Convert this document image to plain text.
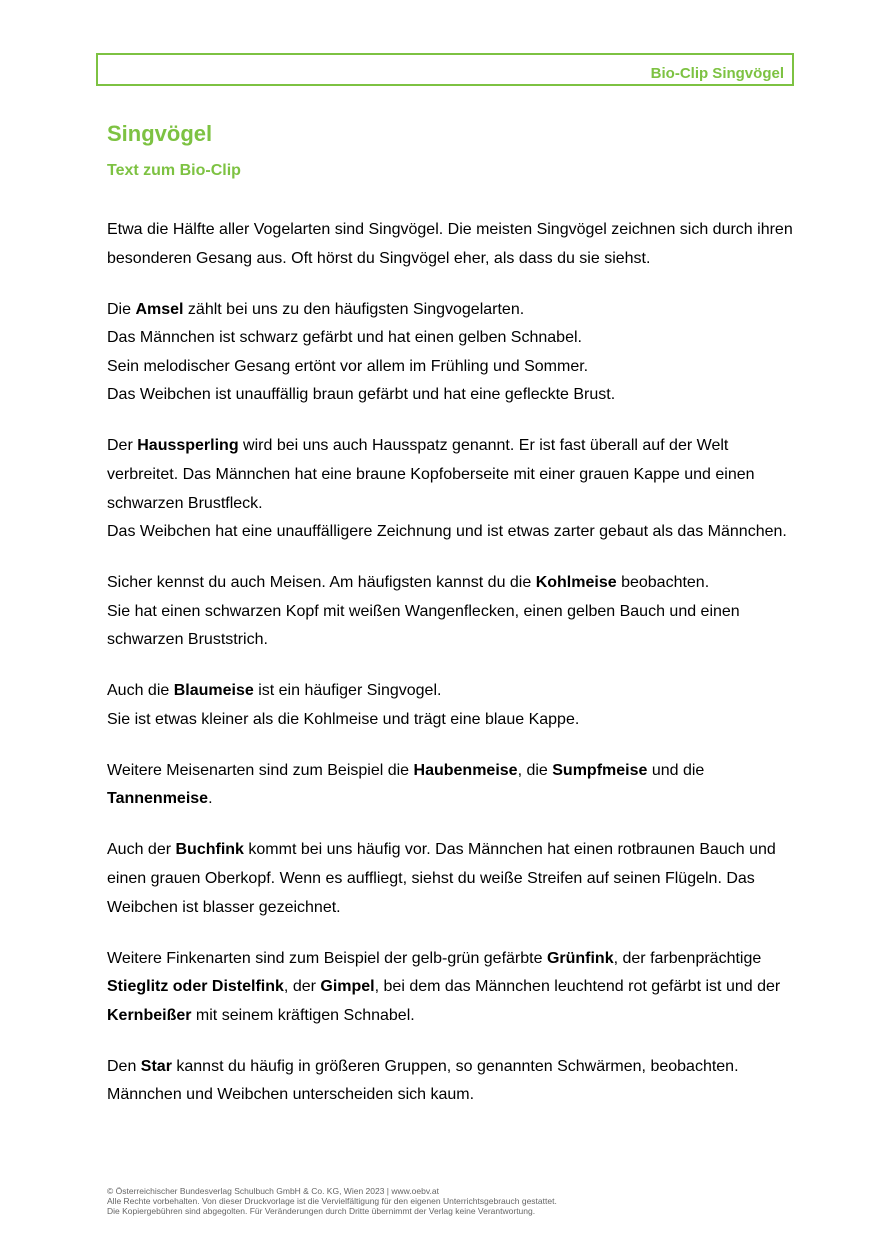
Bio-Clip Singvögel
Singvögel
Text zum Bio-Clip

Etwa die Hälfte aller Vogelarten sind Singvögel. Die meisten Singvögel zeichnen sich durch ihren besonderen Gesang aus. Oft hörst du Singvögel eher, als dass du sie siehst.

Die Amsel zählt bei uns zu den häufigsten Singvogelarten.
Das Männchen ist schwarz gefärbt und hat einen gelben Schnabel.
Sein melodischer Gesang ertönt vor allem im Frühling und Sommer.
Das Weibchen ist unauffällig braun gefärbt und hat eine gefleckte Brust.

Der Haussperling wird bei uns auch Hausspatz genannt. Er ist fast überall auf der Welt verbreitet. Das Männchen hat eine braune Kopfoberseite mit einer grauen Kappe und einen schwarzen Brustfleck.
Das Weibchen hat eine unauffälligere Zeichnung und ist etwas zarter gebaut als das Männchen.

Sicher kennst du auch Meisen. Am häufigsten kannst du die Kohlmeise beobachten.
Sie hat einen schwarzen Kopf mit weißen Wangenflecken, einen gelben Bauch und einen schwarzen Bruststrich.

Auch die Blaumeise ist ein häufiger Singvogel.
Sie ist etwas kleiner als die Kohlmeise und trägt eine blaue Kappe.

Weitere Meisenarten sind zum Beispiel die Haubenmeise, die Sumpfmeise und die Tannenmeise.

Auch der Buchfink kommt bei uns häufig vor. Das Männchen hat einen rotbraunen Bauch und einen grauen Oberkopf. Wenn es auffliegt, siehst du weiße Streifen auf seinen Flügeln. Das Weibchen ist blasser gezeichnet.

Weitere Finkenarten sind zum Beispiel der gelb-grün gefärbte Grünfink, der farbenprächtige Stieglitz oder Distelfink, der Gimpel, bei dem das Männchen leuchtend rot gefärbt ist und der Kernbeißer mit seinem kräftigen Schnabel.

Den Star kannst du häufig in größeren Gruppen, so genannten Schwärmen, beobachten. Männchen und Weibchen unterscheiden sich kaum.

© Österreichischer Bundesverlag Schulbuch GmbH & Co. KG, Wien 2023 | www.oebv.at
Alle Rechte vorbehalten. Von dieser Druckvorlage ist die Vervielfältigung für den eigenen Unterrichtsgebrauch gestattet.
Die Kopiergebühren sind abgegolten. Für Veränderungen durch Dritte übernimmt der Verlag keine Verantwortung.
